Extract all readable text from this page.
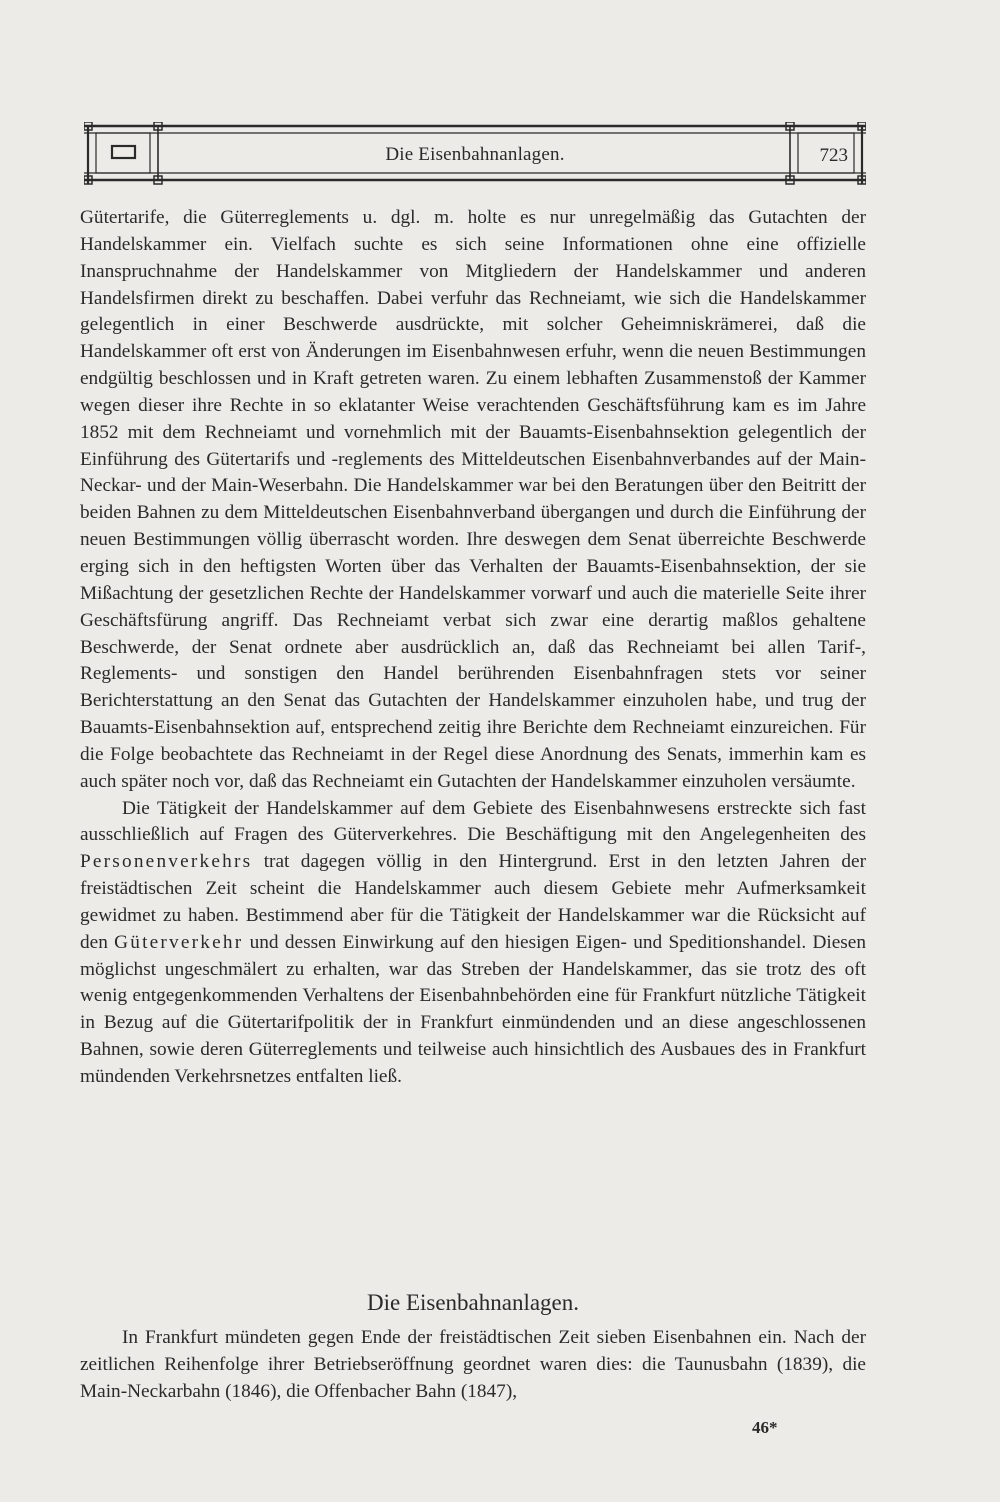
Die Eisenbahnanlagen.	723

Gütertarife, die Güterreglements u. dgl. m. holte es nur unregelmäßig das Gutachten der Handelskammer ein. Vielfach suchte es sich seine Informationen ohne eine offizielle Inanspruchnahme der Handelskammer von Mitgliedern der Handelskammer und anderen Handelsfirmen direkt zu beschaffen. Dabei verfuhr das Rechneiamt, wie sich die Handelskammer gelegentlich in einer Beschwerde ausdrückte, mit solcher Geheimniskrämerei, daß die Handelskammer oft erst von Änderungen im Eisenbahnwesen erfuhr, wenn die neuen Bestimmungen endgültig beschlossen und in Kraft getreten waren. Zu einem lebhaften Zusammenstoß der Kammer wegen dieser ihre Rechte in so eklatanter Weise verachtenden Geschäftsführung kam es im Jahre 1852 mit dem Rechneiamt und vornehmlich mit der Bauamts-Eisenbahnsektion gelegentlich der Einführung des Gütertarifs und -reglements des Mitteldeutschen Eisenbahnverbandes auf der Main-Neckar- und der Main-Weserbahn. Die Handelskammer war bei den Beratungen über den Beitritt der beiden Bahnen zu dem Mitteldeutschen Eisenbahnverband übergangen und durch die Einführung der neuen Bestimmungen völlig überrascht worden. Ihre deswegen dem Senat überreichte Beschwerde erging sich in den heftigsten Worten über das Verhalten der Bauamts-Eisenbahnsektion, der sie Mißachtung der gesetzlichen Rechte der Handelskammer vorwarf und auch die materielle Seite ihrer Geschäftsfürung angriff. Das Rechneiamt verbat sich zwar eine derartig maßlos gehaltene Beschwerde, der Senat ordnete aber ausdrücklich an, daß das Rechneiamt bei allen Tarif-, Reglements- und sonstigen den Handel berührenden Eisenbahnfragen stets vor seiner Berichterstattung an den Senat das Gutachten der Handelskammer einzuholen habe, und trug der Bauamts-Eisenbahnsektion auf, entsprechend zeitig ihre Berichte dem Rechneiamt einzureichen. Für die Folge beobachtete das Rechneiamt in der Regel diese Anordnung des Senats, immerhin kam es auch später noch vor, daß das Rechneiamt ein Gutachten der Handelskammer einzuholen versäumte.

Die Tätigkeit der Handelskammer auf dem Gebiete des Eisenbahnwesens erstreckte sich fast ausschließlich auf Fragen des Güterverkehres. Die Beschäftigung mit den Angelegenheiten des Personenverkehrs trat dagegen völlig in den Hintergrund. Erst in den letzten Jahren der freistädtischen Zeit scheint die Handelskammer auch diesem Gebiete mehr Aufmerksamkeit gewidmet zu haben. Bestimmend aber für die Tätigkeit der Handelskammer war die Rücksicht auf den Güterverkehr und dessen Einwirkung auf den hiesigen Eigen- und Speditionshandel. Diesen möglichst ungeschmälert zu erhalten, war das Streben der Handelskammer, das sie trotz des oft wenig entgegenkommenden Verhaltens der Eisenbahnbehörden eine für Frankfurt nützliche Tätigkeit in Bezug auf die Gütertarifpolitik der in Frankfurt einmündenden und an diese angeschlossenen Bahnen, sowie deren Güterreglements und teilweise auch hinsichtlich des Ausbaues des in Frankfurt mündenden Verkehrsnetzes entfalten ließ.

Die Eisenbahnanlagen.

In Frankfurt mündeten gegen Ende der freistädtischen Zeit sieben Eisenbahnen ein. Nach der zeitlichen Reihenfolge ihrer Betriebseröffnung geordnet waren dies: die Taunusbahn (1839), die Main-Neckarbahn (1846), die Offenbacher Bahn (1847),

46*
